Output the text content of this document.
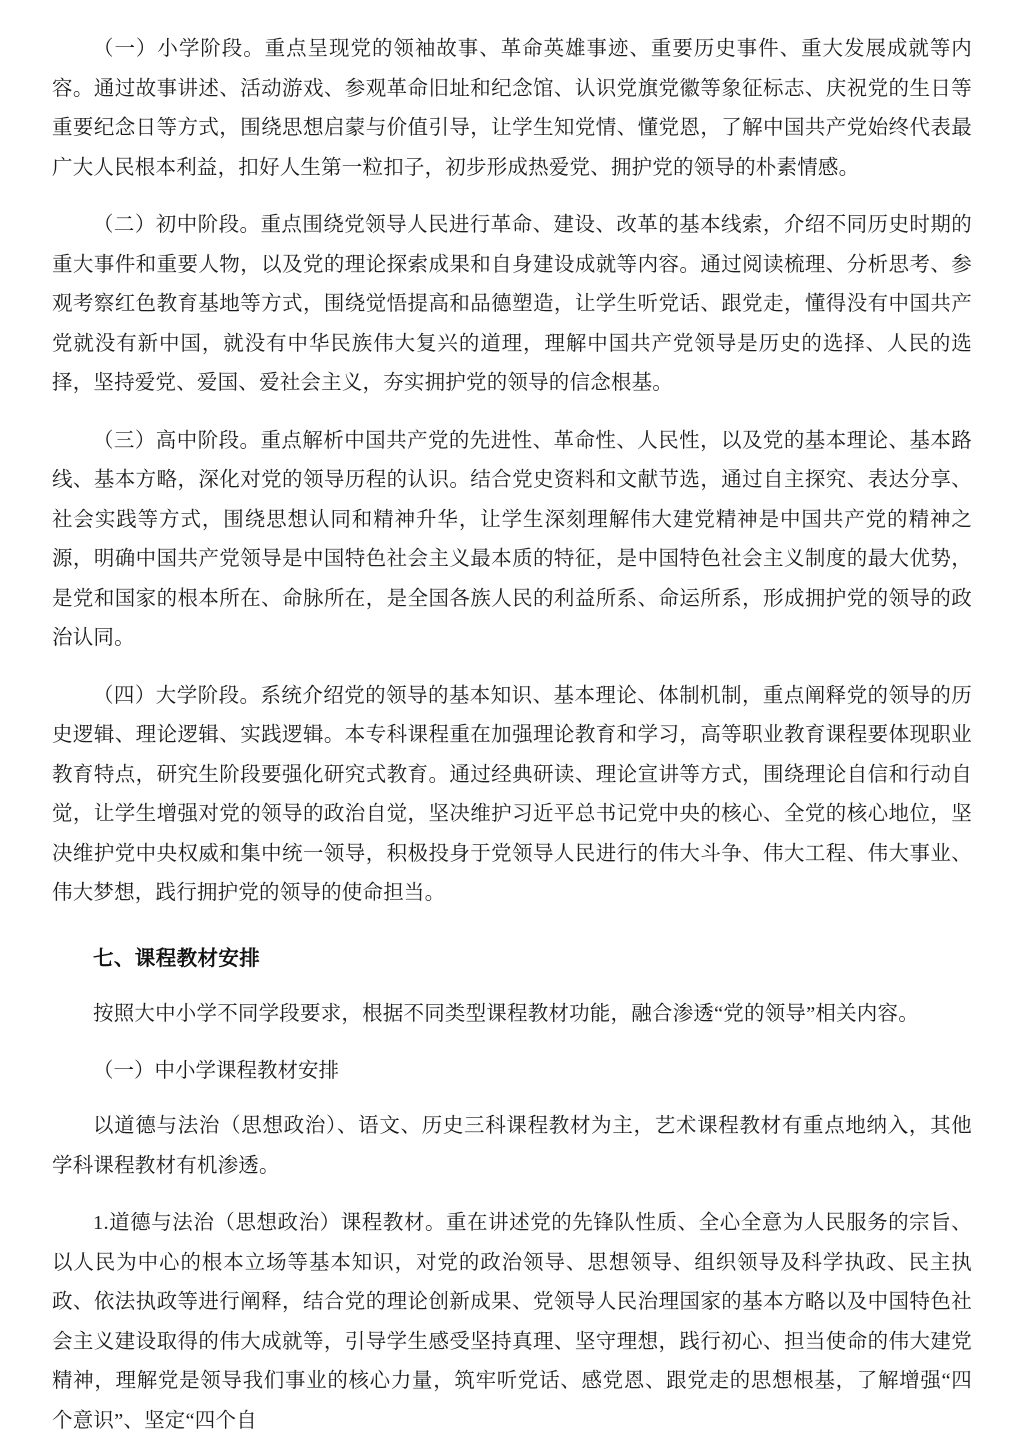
（一）小学阶段。重点呈现党的领袖故事、革命英雄事迹、重要历史事件、重大发展成就等内容。通过故事讲述、活动游戏、参观革命旧址和纪念馆、认识党旗党徽等象征标志、庆祝党的生日等重要纪念日等方式，围绕思想启蒙与价值引导，让学生知党情、懂党恩，了解中国共产党始终代表最广大人民根本利益，扣好人生第一粒扣子，初步形成热爱党、拥护党的领导的朴素情感。

（二）初中阶段。重点围绕党领导人民进行革命、建设、改革的基本线索，介绍不同历史时期的重大事件和重要人物，以及党的理论探索成果和自身建设成就等内容。通过阅读梳理、分析思考、参观考察红色教育基地等方式，围绕觉悟提高和品德塑造，让学生听党话、跟党走，懂得没有中国共产党就没有新中国，就没有中华民族伟大复兴的道理，理解中国共产党领导是历史的选择、人民的选择，坚持爱党、爱国、爱社会主义，夯实拥护党的领导的信念根基。

（三）高中阶段。重点解析中国共产党的先进性、革命性、人民性，以及党的基本理论、基本路线、基本方略，深化对党的领导历程的认识。结合党史资料和文献节选，通过自主探究、表达分享、社会实践等方式，围绕思想认同和精神升华，让学生深刻理解伟大建党精神是中国共产党的精神之源，明确中国共产党领导是中国特色社会主义最本质的特征，是中国特色社会主义制度的最大优势，是党和国家的根本所在、命脉所在，是全国各族人民的利益所系、命运所系，形成拥护党的领导的政治认同。

（四）大学阶段。系统介绍党的领导的基本知识、基本理论、体制机制，重点阐释党的领导的历史逻辑、理论逻辑、实践逻辑。本专科课程重在加强理论教育和学习，高等职业教育课程要体现职业教育特点，研究生阶段要强化研究式教育。通过经典研读、理论宣讲等方式，围绕理论自信和行动自觉，让学生增强对党的领导的政治自觉，坚决维护习近平总书记党中央的核心、全党的核心地位，坚决维护党中央权威和集中统一领导，积极投身于党领导人民进行的伟大斗争、伟大工程、伟大事业、伟大梦想，践行拥护党的领导的使命担当。

七、课程教材安排

按照大中小学不同学段要求，根据不同类型课程教材功能，融合渗透“党的领导”相关内容。

（一）中小学课程教材安排

以道德与法治（思想政治）、语文、历史三科课程教材为主，艺术课程教材有重点地纳入，其他学科课程教材有机渗透。

1.道德与法治（思想政治）课程教材。重在讲述党的先锋队性质、全心全意为人民服务的宗旨、以人民为中心的根本立场等基本知识，对党的政治领导、思想领导、组织领导及科学执政、民主执政、依法执政等进行阐释，结合党的理论创新成果、党领导人民治理国家的基本方略以及中国特色社会主义建设取得的伟大成就等，引导学生感受坚持真理、坚守理想，践行初心、担当使命的伟大建党精神，理解党是领导我们事业的核心力量，筑牢听党话、感党恩、跟党走的思想根基，了解增强“四个意识”、坚定“四个自
